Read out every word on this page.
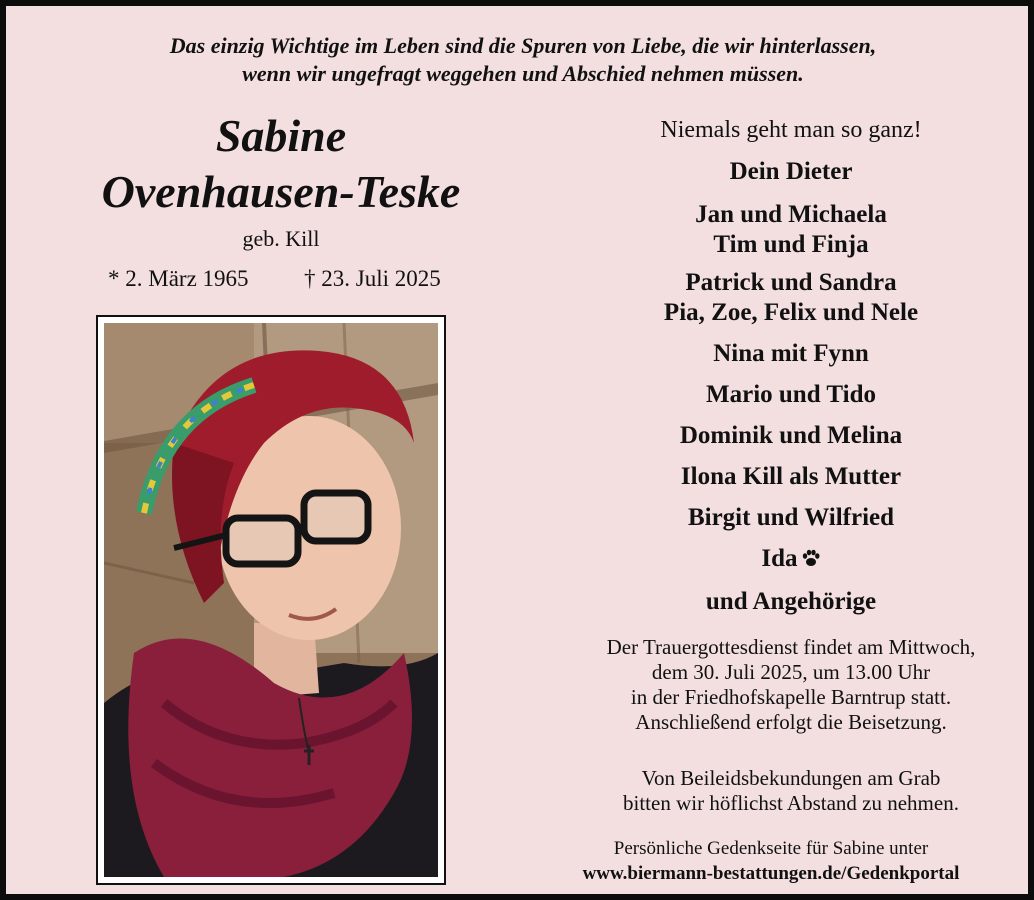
Das einzig Wichtige im Leben sind die Spuren von Liebe, die wir hinterlassen,
wenn wir ungefragt weggehen und Abschied nehmen müssen.
Sabine
Ovenhausen-Teske
geb. Kill
* 2. März 1965 † 23. Juli 2025
Niemals geht man so ganz!
Dein Dieter
Jan und Michaela
Tim und Finja
Patrick und Sandra
Pia, Zoe, Felix und Nele
Nina mit Fynn
Mario und Tido
Dominik und Melina
Ilona Kill als Mutter
Birgit und Wilfried
Ida
und Angehörige
Der Trauergottesdienst findet am Mittwoch,
dem 30. Juli 2025, um 13.00 Uhr
in der Friedhofskapelle Barntrup statt.
Anschließend erfolgt die Beisetzung.
Von Beileidsbekundungen am Grab
bitten wir höflichst Abstand zu nehmen.
Persönliche Gedenkseite für Sabine unter
www.biermann-bestattungen.de/Gedenkportal
